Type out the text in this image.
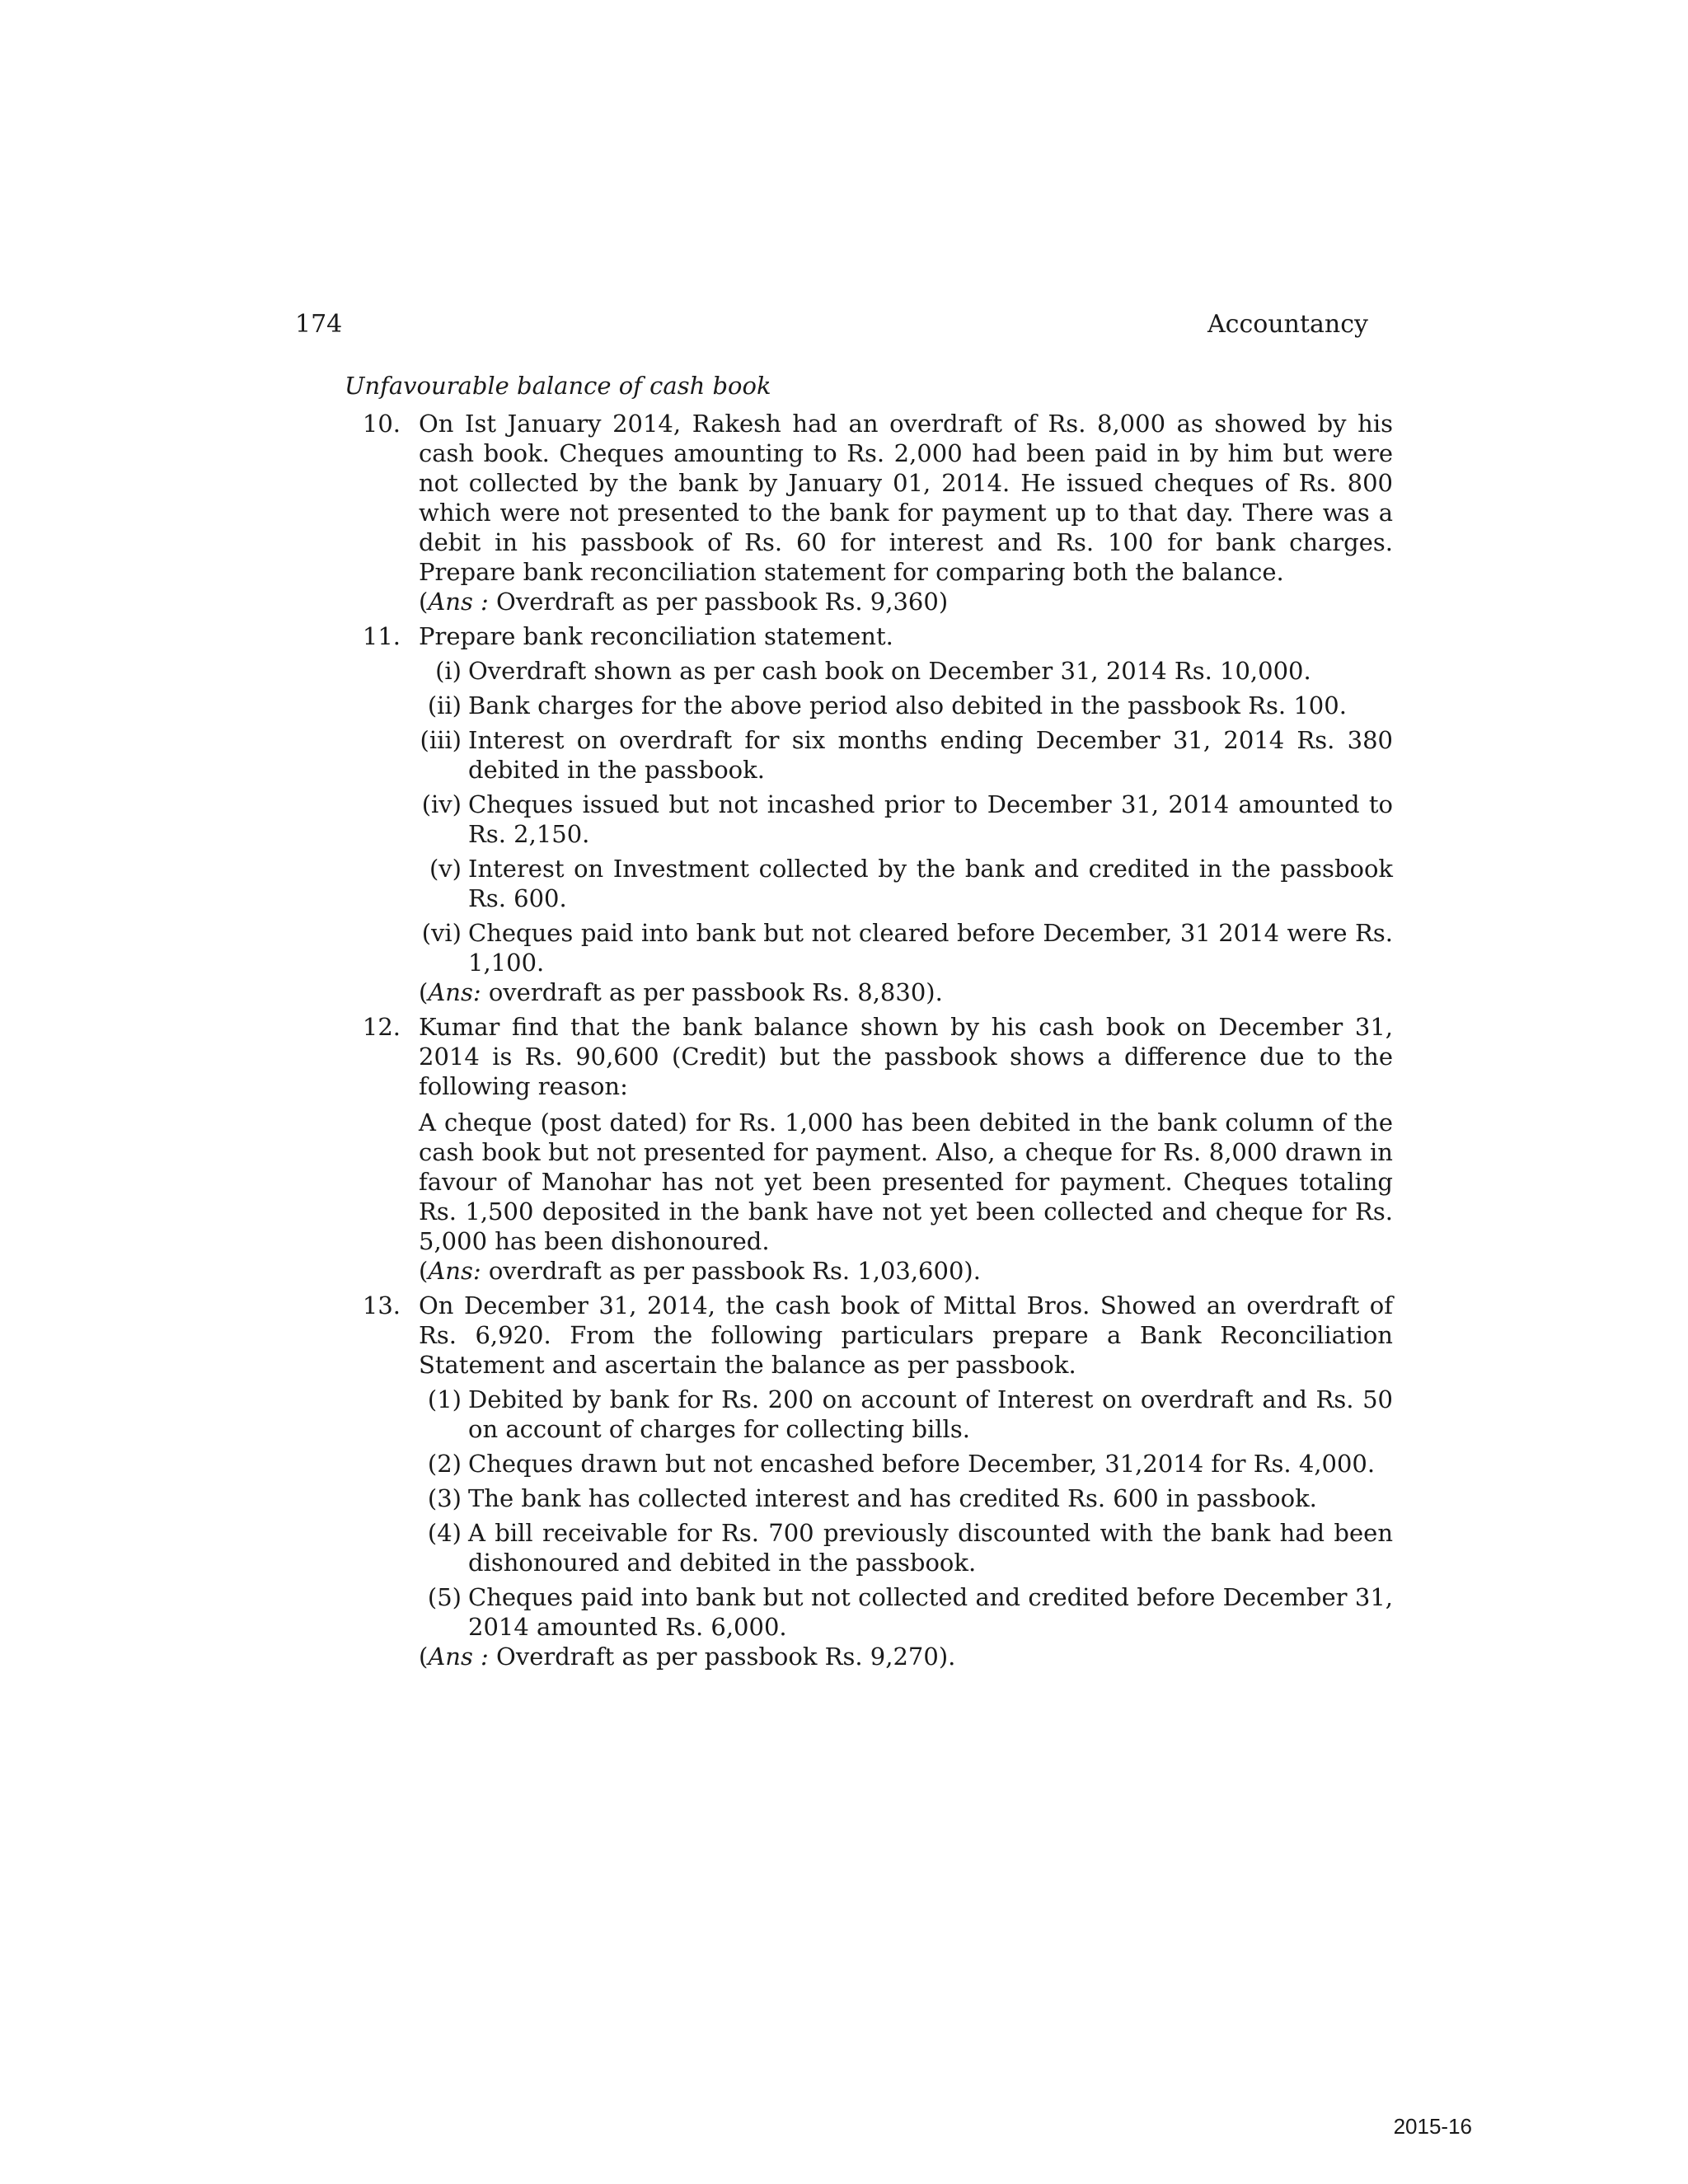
174	Accountancy

Unfavourable balance of cash book

10. On Ist January 2014, Rakesh had an overdraft of Rs. 8,000 as showed by his cash book. Cheques amounting to Rs. 2,000 had been paid in by him but were not collected by the bank by January 01, 2014. He issued cheques of Rs. 800 which were not presented to the bank for payment up to that day. There was a debit in his passbook of Rs. 60 for interest and Rs. 100 for bank charges. Prepare bank reconciliation statement for comparing both the balance.

(Ans : Overdraft as per passbook Rs. 9,360)

11. Prepare bank reconciliation statement.

(i) Overdraft shown as per cash book on December 31, 2014 Rs. 10,000.
(ii) Bank charges for the above period also debited in the passbook Rs. 100.
(iii) Interest on overdraft for six months ending December 31, 2014 Rs. 380 debited in the passbook.
(iv) Cheques issued but not incashed prior to December 31, 2014 amounted to Rs. 2,150.
(v) Interest on Investment collected by the bank and credited in the passbook Rs. 600.
(vi) Cheques paid into bank but not cleared before December, 31 2014 were Rs. 1,100.

(Ans: overdraft as per passbook Rs. 8,830).

12. Kumar find that the bank balance shown by his cash book on December 31, 2014 is Rs. 90,600 (Credit) but the passbook shows a difference due to the following reason:

A cheque (post dated) for Rs. 1,000 has been debited in the bank column of the cash book but not presented for payment. Also, a cheque for Rs. 8,000 drawn in favour of Manohar has not yet been presented for payment. Cheques totaling Rs. 1,500 deposited in the bank have not yet been collected and cheque for Rs. 5,000 has been dishonoured.

(Ans: overdraft as per passbook Rs. 1,03,600).

13. On December 31, 2014, the cash book of Mittal Bros. Showed an overdraft of Rs. 6,920. From the following particulars prepare a Bank Reconciliation Statement and ascertain the balance as per passbook.

(1) Debited by bank for Rs. 200 on account of Interest on overdraft and Rs. 50 on account of charges for collecting bills.
(2) Cheques drawn but not encashed before December, 31,2014 for Rs. 4,000.
(3) The bank has collected interest and has credited Rs. 600 in passbook.
(4) A bill receivable for Rs. 700 previously discounted with the bank had been dishonoured and debited in the passbook.
(5) Cheques paid into bank but not collected and credited before December 31, 2014 amounted Rs. 6,000.

(Ans : Overdraft as per passbook Rs. 9,270).

2015-16
